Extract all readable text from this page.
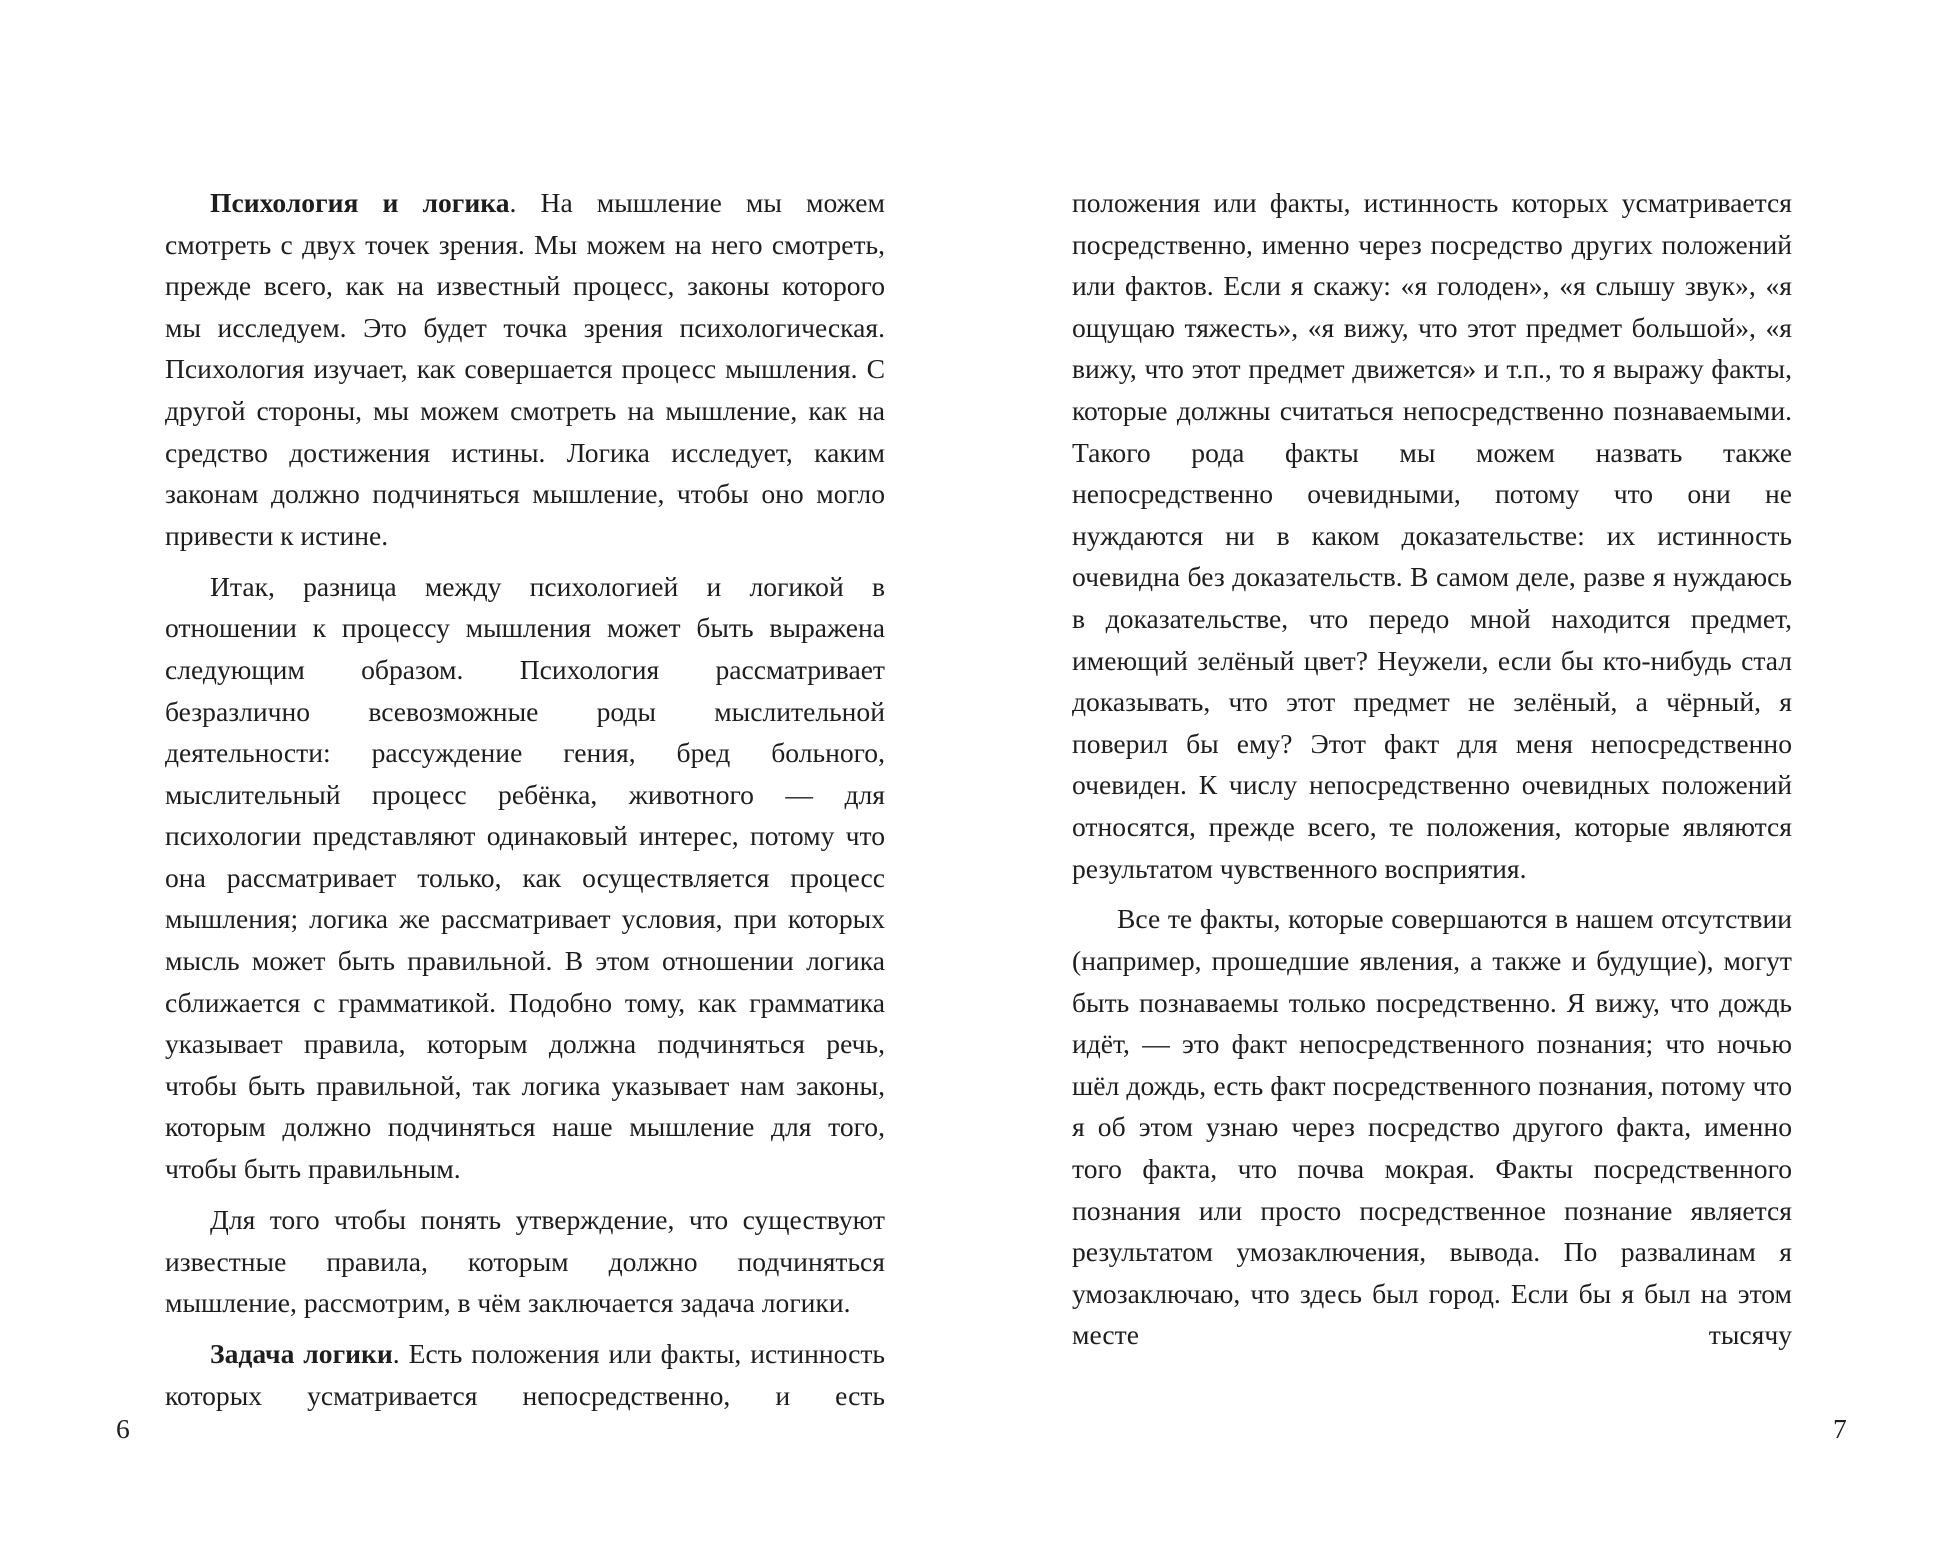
Психология и логика. На мышление мы можем смотреть с двух точек зрения. Мы можем на него смотреть, прежде всего, как на известный процесс, законы которого мы исследуем. Это будет точка зрения психологическая. Психология изучает, как совершается процесс мышления. С другой стороны, мы можем смотреть на мышление, как на средство достижения истины. Логика исследует, каким законам должно подчиняться мышление, чтобы оно могло привести к истине.

Итак, разница между психологией и логикой в отношении к процессу мышления может быть выражена следующим образом. Психология рассматривает безразлично всевозможные роды мыслительной деятельности: рассуждение гения, бред больного, мыслительный процесс ребёнка, животного — для психологии представляют одинаковый интерес, потому что она рассматривает только, как осуществляется процесс мышления; логика же рассматривает условия, при которых мысль может быть правильной. В этом отношении логика сближается с грамматикой. Подобно тому, как грамматика указывает правила, которым должна подчиняться речь, чтобы быть правильной, так логика указывает нам законы, которым должно подчиняться наше мышление для того, чтобы быть правильным.

Для того чтобы понять утверждение, что существуют известные правила, которым должно подчиняться мышление, рассмотрим, в чём заключается задача логики.

Задача логики. Есть положения или факты, истинность которых усматривается непосредственно, и есть

6

положения или факты, истинность которых усматривается посредственно, именно через посредство других положений или фактов. Если я скажу: «я голоден», «я слышу звук», «я ощущаю тяжесть», «я вижу, что этот предмет большой», «я вижу, что этот предмет движется» и т.п., то я выражу факты, которые должны считаться непосредственно познаваемыми. Такого рода факты мы можем назвать также непосредственно очевидными, потому что они не нуждаются ни в каком доказательстве: их истинность очевидна без доказательств. В самом деле, разве я нуждаюсь в доказательстве, что передо мной находится предмет, имеющий зелёный цвет? Неужели, если бы кто-нибудь стал доказывать, что этот предмет не зелёный, а чёрный, я поверил бы ему? Этот факт для меня непосредственно очевиден. К числу непосредственно очевидных положений относятся, прежде всего, те положения, которые являются результатом чувственного восприятия.

Все те факты, которые совершаются в нашем отсутствии (например, прошедшие явления, а также и будущие), могут быть познаваемы только посредственно. Я вижу, что дождь идёт, — это факт непосредственного познания; что ночью шёл дождь, есть факт посредственного познания, потому что я об этом узнаю через посредство другого факта, именно того факта, что почва мокрая. Факты посредственного познания или просто посредственное познание является результатом умозаключения, вывода. По развалинам я умозаключаю, что здесь был город. Если бы я был на этом месте тысячу

7
